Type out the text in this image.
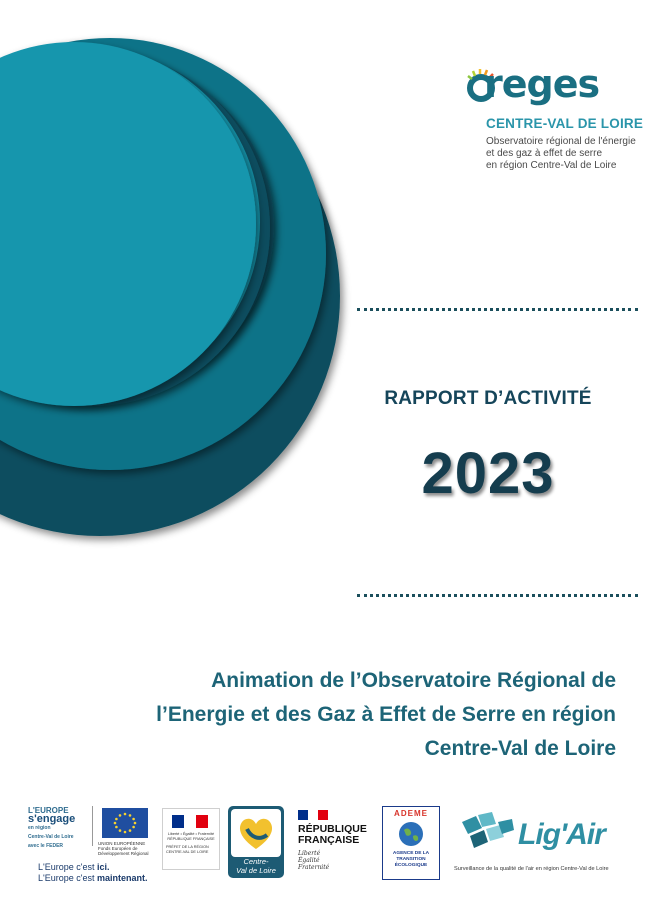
reges
CENTRE-VAL DE LOIRE
Observatoire régional de l'énergie
et des gaz à effet de serre
en région Centre-Val de Loire
RAPPORT D’ACTIVITÉ
2023
Animation de l’Observatoire Régional de
l’Energie et des Gaz à Effet de Serre en région
Centre-Val de Loire
L'EUROPE
s'engage
en région
Centre-Val de Loire
avec le FEDER	UNION EUROPÉENNE Fonds Européen de Développement Régional
L'Europe c'est ici.
L'Europe c'est maintenant.
Liberté • Égalité • Fraternité RÉPUBLIQUE FRANÇAISE
PRÉFET DE LA RÉGION CENTRE-VAL DE LOIRE
Centre-
Val de Loire
RÉPUBLIQUE
FRANÇAISE
Liberté
Égalité
Fraternité
ADEME
AGENCE DE LA
TRANSITION
ÉCOLOGIQUE
Lig'Air
Surveillance de la qualité de l'air en région Centre-Val de Loire
